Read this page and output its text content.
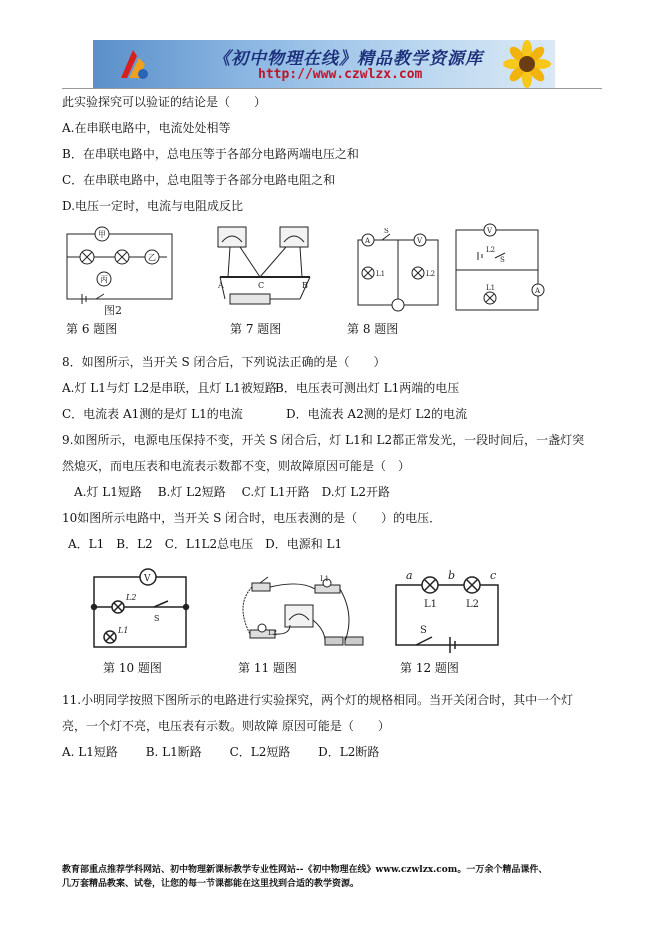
《初中物理在线》精品教学资源库
http://www.czwlzx.com
此实验探究可以验证的结论是（　　）
A.在串联电路中，电流处处相等
B．在串联电路中，总电压等于各部分电路两端电压之和
C．在串联电路中，总电阻等于各部分电路电阻之和
D.电压一定时，电流与电阻成反比
甲
丙
乙
图2
第 6 题图
A	C	B
第 7 题图
A	V
S
L1	L2
第 8 题图
V
S
L2
L1	A
8．如图所示，当开关 S 闭合后，下列说法正确的是（　　）
A.灯 L1与灯 L2是串联，且灯 L1被短路
B．电压表可测出灯 L1两端的电压
C．电流表 A1测的是灯 L1的电流	D．电流表 A2测的是灯 L2的电流
9.如图所示，电源电压保持不变，开关 S 闭合后，灯 L1和 L2都正常发光，一段时间后，一盏灯突
然熄灭，而电压表和电流表示数都不变，则故障原因可能是（　）
A.灯 L1短路　 B.灯 L2短路　 C.灯 L1开路　D.灯 L2开路
10如图所示电路中，当开关 S 闭合时，电压表测的是（　　）的电压．
A．L1　B．L2　C．L1L2总电压　D．电源和 L1
V
L2
S
L1
第 10 题图
L1
L2
第 11 题图
a	b	c
L1	L2
S
第 12 题图
11.小明同学按照下图所示的电路进行实验探究，两个灯的规格相同。当开关闭合时，其中一个灯
亮，一个灯不亮，电压表有示数。则故障 原因可能是（　　）
A. L1短路　　 B. L1断路　　 C．L2短路　　 D．L2断路
教育部重点推荐学科网站、初中物理新课标教学专业性网站--《初中物理在线》www.czwlzx.com。一万余个精品课件、
几万套精品教案、试卷，让您的每一节课都能在这里找到合适的教学资源。
